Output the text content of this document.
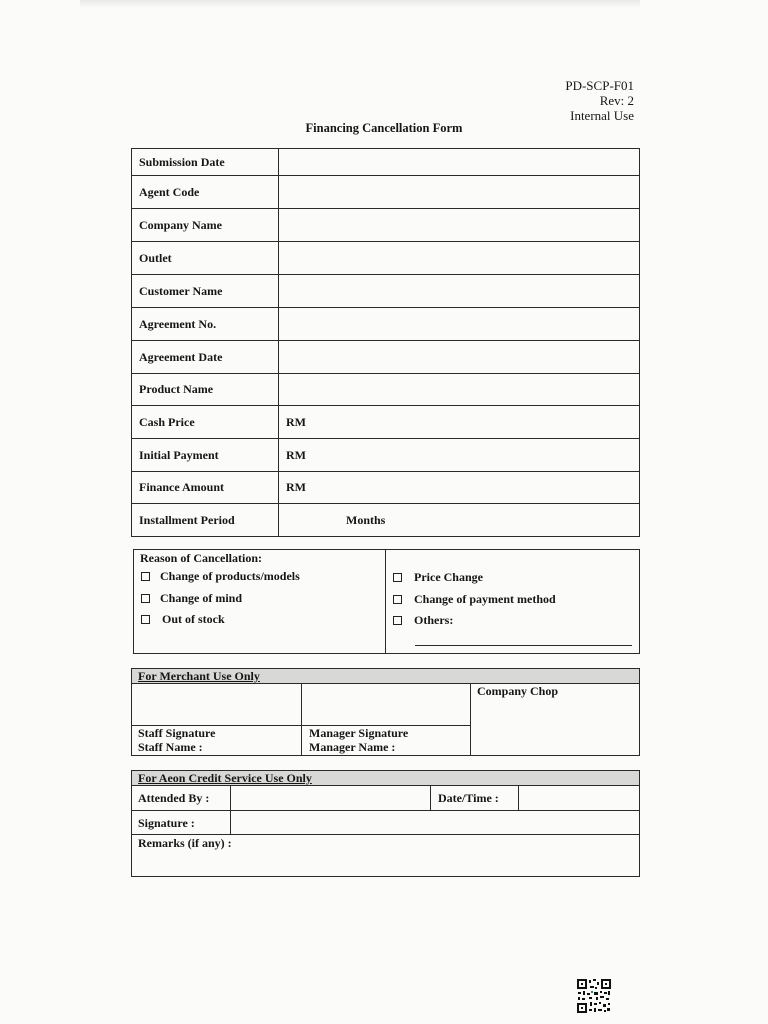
PD-SCP-F01
Rev: 2
Internal Use
Financing Cancellation Form
Submission Date	
Agent Code	
Company Name	
Outlet	
Customer Name	
Agreement No.	
Agreement Date	
Product Name	
Cash Price	RM
Initial Payment	RM
Finance Amount	RM
Installment Period	Months
Reason of Cancellation:
Change of products/models
Change of mind
Out of stock
Price Change
Change of payment method
Others:
For Merchant Use Only
Staff Signature
Staff Name :
Manager Signature
Manager Name :
Company Chop
For Aeon Credit Service Use Only
Attended By :	Date/Time :
Signature :
Remarks (if any) :
